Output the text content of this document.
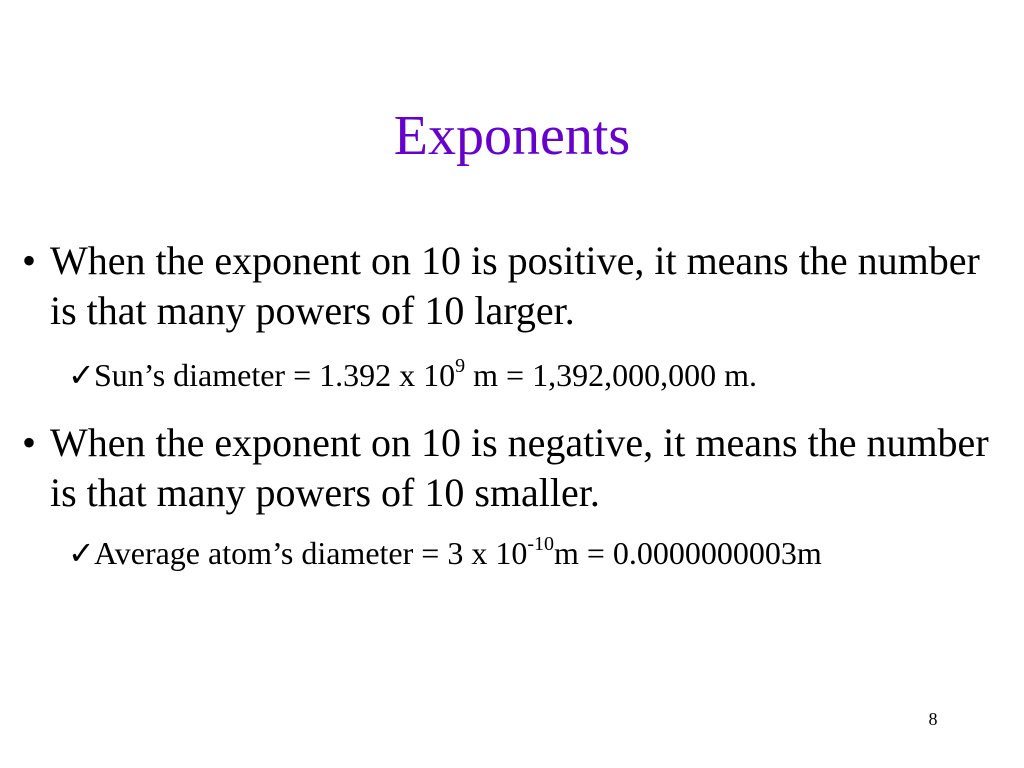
Exponents
• When the exponent on 10 is positive, it means the number is that many powers of 10 larger.
✓Sun’s diameter = 1.392 x $10^9$ m = 1,392,000,000 m.
• When the exponent on 10 is negative, it means the number is that many powers of 10 smaller.
✓Average atom’s diameter = 3 x $10^{-10}m = 0.0000000003m$
8
